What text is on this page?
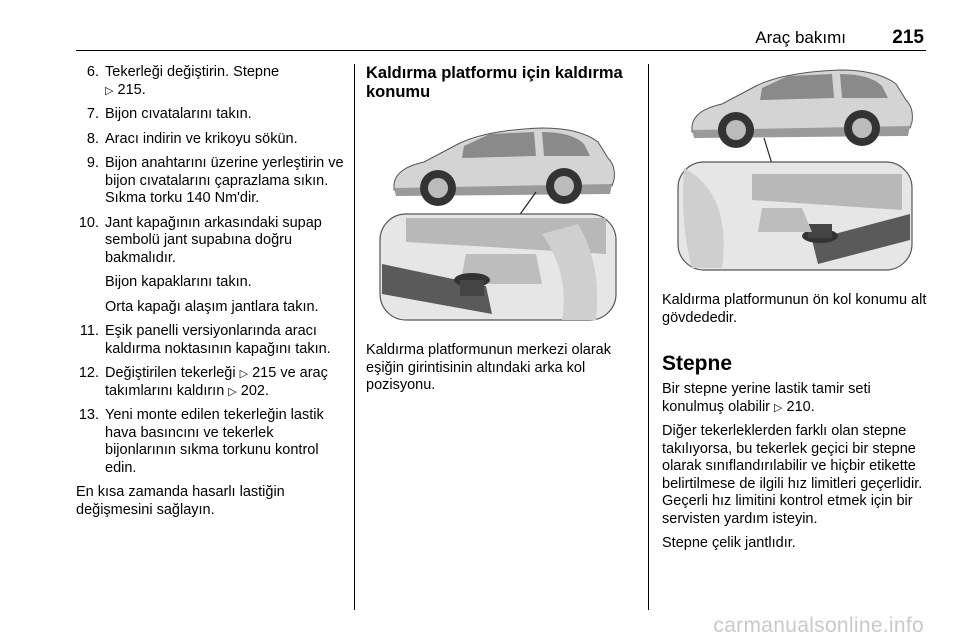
Araç bakımı 215
6. Tekerleği değiştirin. Stepne
▷ 215.
7. Bijon cıvatalarını takın.
8. Aracı indirin ve krikoyu sökün.
9. Bijon anahtarını üzerine yerleştirin ve bijon cıvatalarını çaprazlama sıkın. Sıkma torku 140 Nm'dir.
10. Jant kapağının arkasındaki supap sembolü jant supabına doğru bakmalıdır.
Bijon kapaklarını takın.
Orta kapağı alaşım jantlara takın.
11. Eşik panelli versiyonlarında aracı kaldırma noktasının kapağını takın.
12. Değiştirilen tekerleği ▷ 215 ve araç takımlarını kaldırın ▷ 202.
13. Yeni monte edilen tekerleğin lastik hava basıncını ve tekerlek bijonlarının sıkma torkunu kontrol edin.
En kısa zamanda hasarlı lastiğin değişmesini sağlayın.
Kaldırma platformu için kaldırma konumu
Kaldırma platformunun merkezi olarak eşiğin girintisinin altındaki arka kol pozisyonu.
Kaldırma platformunun ön kol konumu alt gövdededir.
Stepne
Bir stepne yerine lastik tamir seti konulmuş olabilir ▷ 210.
Diğer tekerleklerden farklı olan stepne takılıyorsa, bu tekerlek geçici bir stepne olarak sınıflandırılabilir ve hiçbir etikette belirtilmese de ilgili hız limitleri geçerlidir. Geçerli hız limitini kontrol etmek için bir servisten yardım isteyin.
Stepne çelik jantlıdır.
carmanualsonline.info
